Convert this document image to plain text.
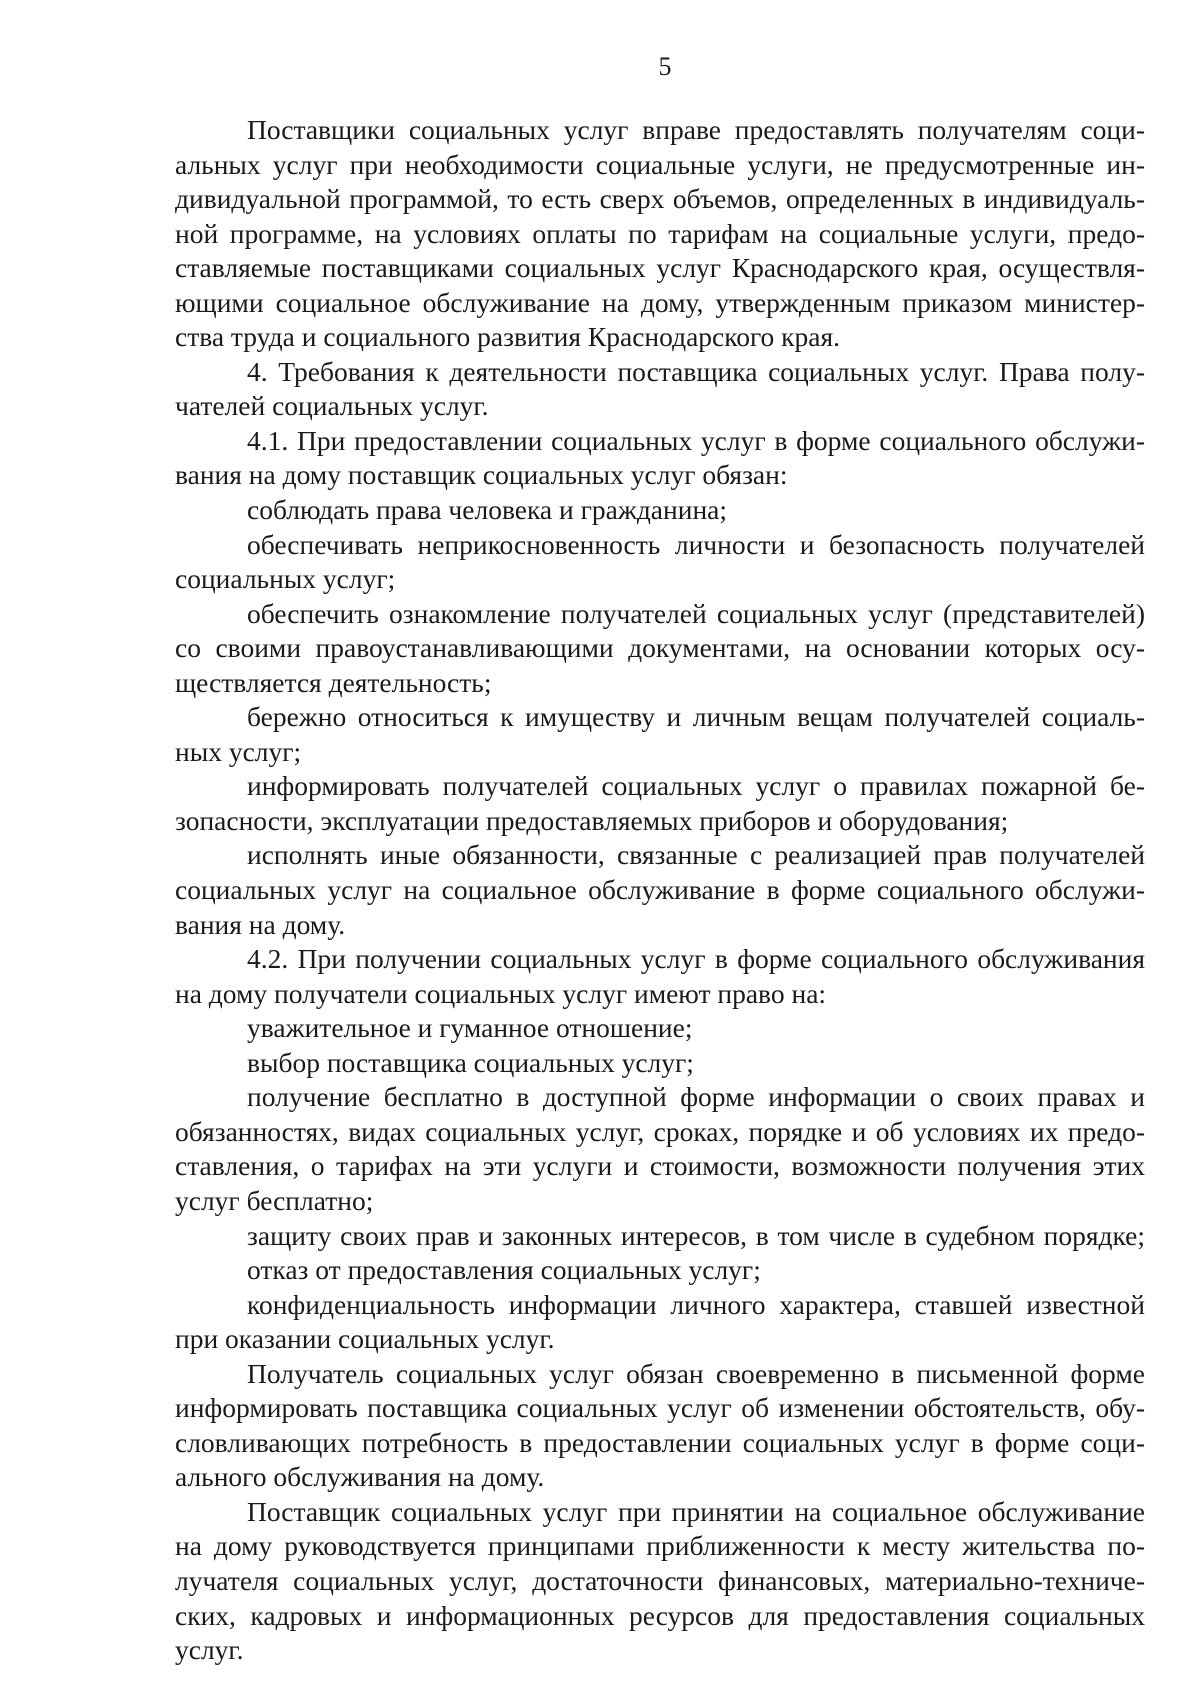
5
Поставщики социальных услуг вправе предоставлять получателям соци-
альных услуг при необходимости социальные услуги, не предусмотренные ин-
дивидуальной программой, то есть сверх объемов, определенных в индивидуаль-
ной программе, на условиях оплаты по тарифам на социальные услуги, предо-
ставляемые поставщиками социальных услуг Краснодарского края, осуществля-
ющими социальное обслуживание на дому, утвержденным приказом министер-
ства труда и социального развития Краснодарского края.
4. Требования к деятельности поставщика социальных услуг. Права полу-
чателей социальных услуг.
4.1. При предоставлении социальных услуг в форме социального обслужи-
вания на дому поставщик социальных услуг обязан:
соблюдать права человека и гражданина;
обеспечивать неприкосновенность личности и безопасность получателей
социальных услуг;
обеспечить ознакомление получателей социальных услуг (представителей)
со своими правоустанавливающими документами, на основании которых осу-
ществляется деятельность;
бережно относиться к имуществу и личным вещам получателей социаль-
ных услуг;
информировать получателей социальных услуг о правилах пожарной бе-
зопасности, эксплуатации предоставляемых приборов и оборудования;
исполнять иные обязанности, связанные с реализацией прав получателей
социальных услуг на социальное обслуживание в форме социального обслужи-
вания на дому.
4.2. При получении социальных услуг в форме социального обслуживания
на дому получатели социальных услуг имеют право на:
уважительное и гуманное отношение;
выбор поставщика социальных услуг;
получение бесплатно в доступной форме информации о своих правах и
обязанностях, видах социальных услуг, сроках, порядке и об условиях их предо-
ставления, о тарифах на эти услуги и стоимости, возможности получения этих
услуг бесплатно;
защиту своих прав и законных интересов, в том числе в судебном порядке;
отказ от предоставления социальных услуг;
конфиденциальность информации личного характера, ставшей известной
при оказании социальных услуг.
Получатель социальных услуг обязан своевременно в письменной форме
информировать поставщика социальных услуг об изменении обстоятельств, обу-
словливающих потребность в предоставлении социальных услуг в форме соци-
ального обслуживания на дому.
Поставщик социальных услуг при принятии на социальное обслуживание
на дому руководствуется принципами приближенности к месту жительства по-
лучателя социальных услуг, достаточности финансовых, материально-техниче-
ских, кадровых и информационных ресурсов для предоставления социальных
услуг.
